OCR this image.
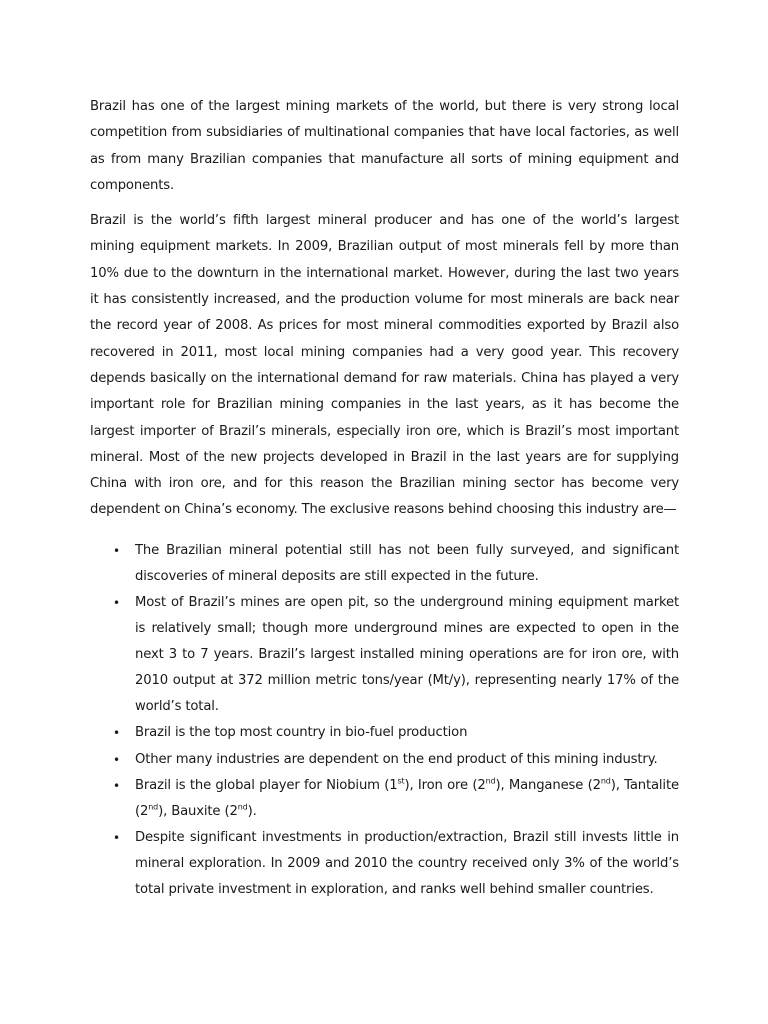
Brazil has one of the largest mining markets of the world, but there is very strong local competition from subsidiaries of multinational companies that have local factories, as well as from many Brazilian companies that manufacture all sorts of mining equipment and components.

Brazil is the world’s fifth largest mineral producer and has one of the world’s largest mining equipment markets. In 2009, Brazilian output of most minerals fell by more than 10% due to the downturn in the international market. However, during the last two years it has consistently increased, and the production volume for most minerals are back near the record year of 2008. As prices for most mineral commodities exported by Brazil also recovered in 2011, most local mining companies had a very good year. This recovery depends basically on the international demand for raw materials. China has played a very important role for Brazilian mining companies in the last years, as it has become the largest importer of Brazil’s minerals, especially iron ore, which is Brazil’s most important mineral. Most of the new projects developed in Brazil in the last years are for supplying China with iron ore, and for this reason the Brazilian mining sector has become very dependent on China’s economy. The exclusive reasons behind choosing this industry are—

• The Brazilian mineral potential still has not been fully surveyed, and significant discoveries of mineral deposits are still expected in the future.
• Most of Brazil’s mines are open pit, so the underground mining equipment market is relatively small; though more underground mines are expected to open in the next 3 to 7 years. Brazil’s largest installed mining operations are for iron ore, with 2010 output at 372 million metric tons/year (Mt/y), representing nearly 17% of the world’s total.
• Brazil is the top most country in bio-fuel production
• Other many industries are dependent on the end product of this mining industry.
• Brazil is the global player for Niobium (1st), Iron ore (2nd), Manganese (2nd), Tantalite (2nd), Bauxite (2nd).
• Despite significant investments in production/extraction, Brazil still invests little in mineral exploration. In 2009 and 2010 the country received only 3% of the world’s total private investment in exploration, and ranks well behind smaller countries.
